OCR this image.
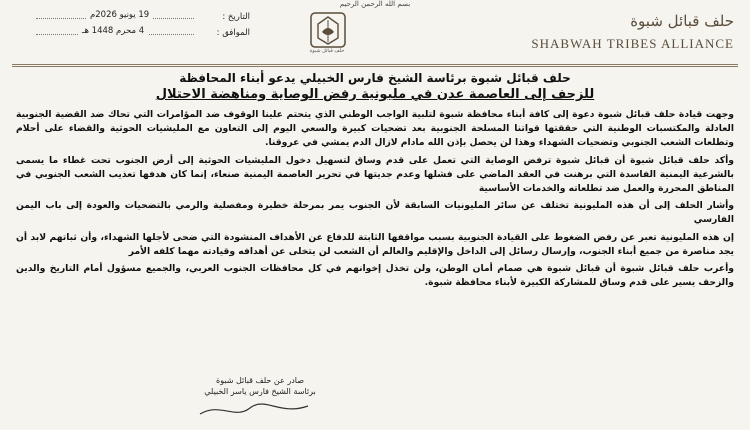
بسم الله الرحمن الرحيم
19 يونيو 2026م	التاريخ :
4 محرم 1448 هـ	الموافق :
حلف قبائل شبوة
حلف قبائل شبوة
SHABWAH TRIBES ALLIANCE
حلف قبائل شبوة برئاسة الشيخ فارس الخبيلي يدعو أبناء المحافظة
للزحف إلى العاصمة عدن في مليونية رفض الوصاية ومناهضة الاحتلال

وجهت قيادة حلف قبائل شبوة دعوة إلى كافة أبناء محافظة شبوة لتلبية الواجب الوطني الذي يتحتم علينا الوقوف ضد المؤامرات التي تحاك ضد القضية الجنوبية العادلة والمكتسبات الوطنية التي حققتها قواتنا المسلحة الجنوبية بعد تضحيات كبيرة والسعي اليوم إلى التعاون مع المليشيات الحوثية والقضاء على أحلام وتطلعات الشعب الجنوبي وتضحيات الشهداء وهذا لن يحصل بإذن الله مادام لازال الدم يمشي في عروقنا.

وأكد حلف قبائل شبوة أن قبائل شبوة ترفض الوصاية التي تعمل على قدم وساق لتسهيل دخول المليشيات الحوثية إلى أرض الجنوب تحت غطاء ما يسمى بالشرعية اليمنية الفاسدة التي برهنت في العقد الماضي على فشلها وعدم جديتها في تحرير العاصمة اليمنية صنعاء، إنما كان هدفها تعذيب الشعب الجنوبي في المناطق المحررة والعمل ضد تطلعاته والخدمات الأساسية

وأشار الحلف إلى أن هذه المليونية تختلف عن سائر المليونيات السابقة لأن الجنوب يمر بمرحلة خطيرة ومفصلية والرمي بالتضحيات والعودة إلى باب اليمن الفارسي

إن هذه المليونية تعبر عن رفض الضغوط على القيادة الجنوبية بسبب مواقفها الثابتة للدفاع عن الأهداف المنشودة التي ضحى لأجلها الشهداء، وأن ثباتهم لابد أن يجد مناصرة من جميع أبناء الجنوب، وإرسال رسائل إلى الداخل والإقليم والعالم أن الشعب لن يتخلى عن أهدافه وقيادته مهما كلفه الأمر

وأعرب حلف قبائل شبوة أن قبائل شبوة هي صمام أمان الوطن، ولن تخذل إخوانهم في كل محافظات الجنوب العربي، والجميع مسؤول أمام التاريخ والدين والزحف يسير على قدم وساق للمشاركة الكبيرة لأبناء محافظة شبوة.

صادر عن حلف قبائل شبوة
برئاسة الشيخ فارس ياسر الخبيلي
